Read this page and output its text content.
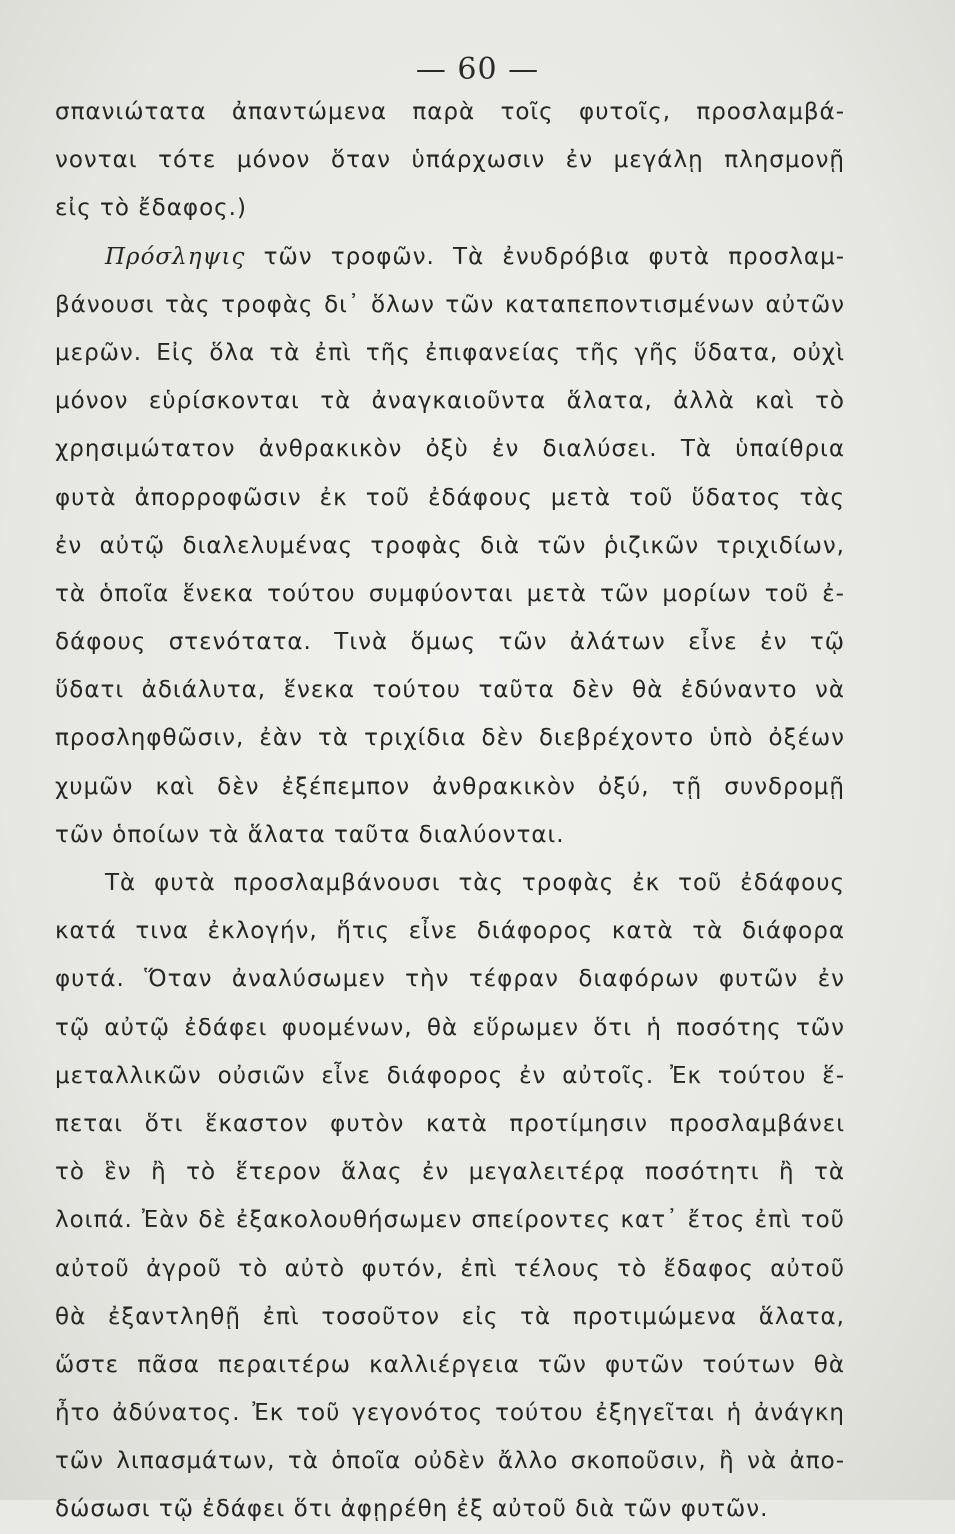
— 60 —
σπανιώτατα ἀπαντώμενα παρὰ τοῖς φυτοῖς, προσλαμβά-
νονται τότε μόνον ὅταν ὑπάρχωσιν ἐν μεγάλῃ πλησμονῇ
εἰς τὸ ἔδαφος.)
Πρόσληψις τῶν τροφῶν. Τὰ ἐνυδρόβια φυτὰ προσλαμ-
βάνουσι τὰς τροφὰς δι᾽ ὅλων τῶν καταπεποντισμένων αὐτῶν
μερῶν. Εἰς ὅλα τὰ ἐπὶ τῆς ἐπιφανείας τῆς γῆς ὕδατα, οὐχὶ
μόνον εὑρίσκονται τὰ ἀναγκαιοῦντα ἅλατα, ἀλλὰ καὶ τὸ
χρησιμώτατον ἀνθρακικὸν ὀξὺ ἐν διαλύσει. Τὰ ὑπαίθρια
φυτὰ ἀπορροφῶσιν ἐκ τοῦ ἐδάφους μετὰ τοῦ ὕδατος τὰς
ἐν αὐτῷ διαλελυμένας τροφὰς διὰ τῶν ῥιζικῶν τριχιδίων,
τὰ ὁποῖα ἕνεκα τούτου συμφύονται μετὰ τῶν μορίων τοῦ ἐ-
δάφους στενότατα. Τινὰ ὅμως τῶν ἀλάτων εἶνε ἐν τῷ
ὕδατι ἀδιάλυτα, ἕνεκα τούτου ταῦτα δὲν θὰ ἐδύναντο νὰ
προσληφθῶσιν, ἐὰν τὰ τριχίδια δὲν διεβρέχοντο ὑπὸ ὀξέων
χυμῶν καὶ δὲν ἐξέπεμπον ἀνθρακικὸν ὀξύ, τῇ συνδρομῇ
τῶν ὁποίων τὰ ἅλατα ταῦτα διαλύονται.
Τὰ φυτὰ προσλαμβάνουσι τὰς τροφὰς ἐκ τοῦ ἐδάφους
κατά τινα ἐκλογήν, ἥτις εἶνε διάφορος κατὰ τὰ διάφορα
φυτά. Ὅταν ἀναλύσωμεν τὴν τέφραν διαφόρων φυτῶν ἐν
τῷ αὐτῷ ἐδάφει φυομένων, θὰ εὕρωμεν ὅτι ἡ ποσότης τῶν
μεταλλικῶν οὐσιῶν εἶνε διάφορος ἐν αὐτοῖς. Ἐκ τούτου ἕ-
πεται ὅτι ἕκαστον φυτὸν κατὰ προτίμησιν προσλαμβάνει
τὸ ἓν ἢ τὸ ἕτερον ἅλας ἐν μεγαλειτέρᾳ ποσότητι ἢ τὰ
λοιπά. Ἐὰν δὲ ἐξακολουθήσωμεν σπείροντες κατ᾽ ἔτος ἐπὶ τοῦ
αὐτοῦ ἀγροῦ τὸ αὐτὸ φυτόν, ἐπὶ τέλους τὸ ἔδαφος αὐτοῦ
θὰ ἐξαντληθῇ ἐπὶ τοσοῦτον εἰς τὰ προτιμώμενα ἅλατα,
ὥστε πᾶσα περαιτέρω καλλιέργεια τῶν φυτῶν τούτων θὰ
ἦτο ἀδύνατος. Ἐκ τοῦ γεγονότος τούτου ἐξηγεῖται ἡ ἀνάγκη
τῶν λιπασμάτων, τὰ ὁποῖα οὐδὲν ἄλλο σκοποῦσιν, ἢ νὰ ἀπο-
δώσωσι τῷ ἐδάφει ὅτι ἀφῃρέθη ἐξ αὐτοῦ διὰ τῶν φυτῶν.
